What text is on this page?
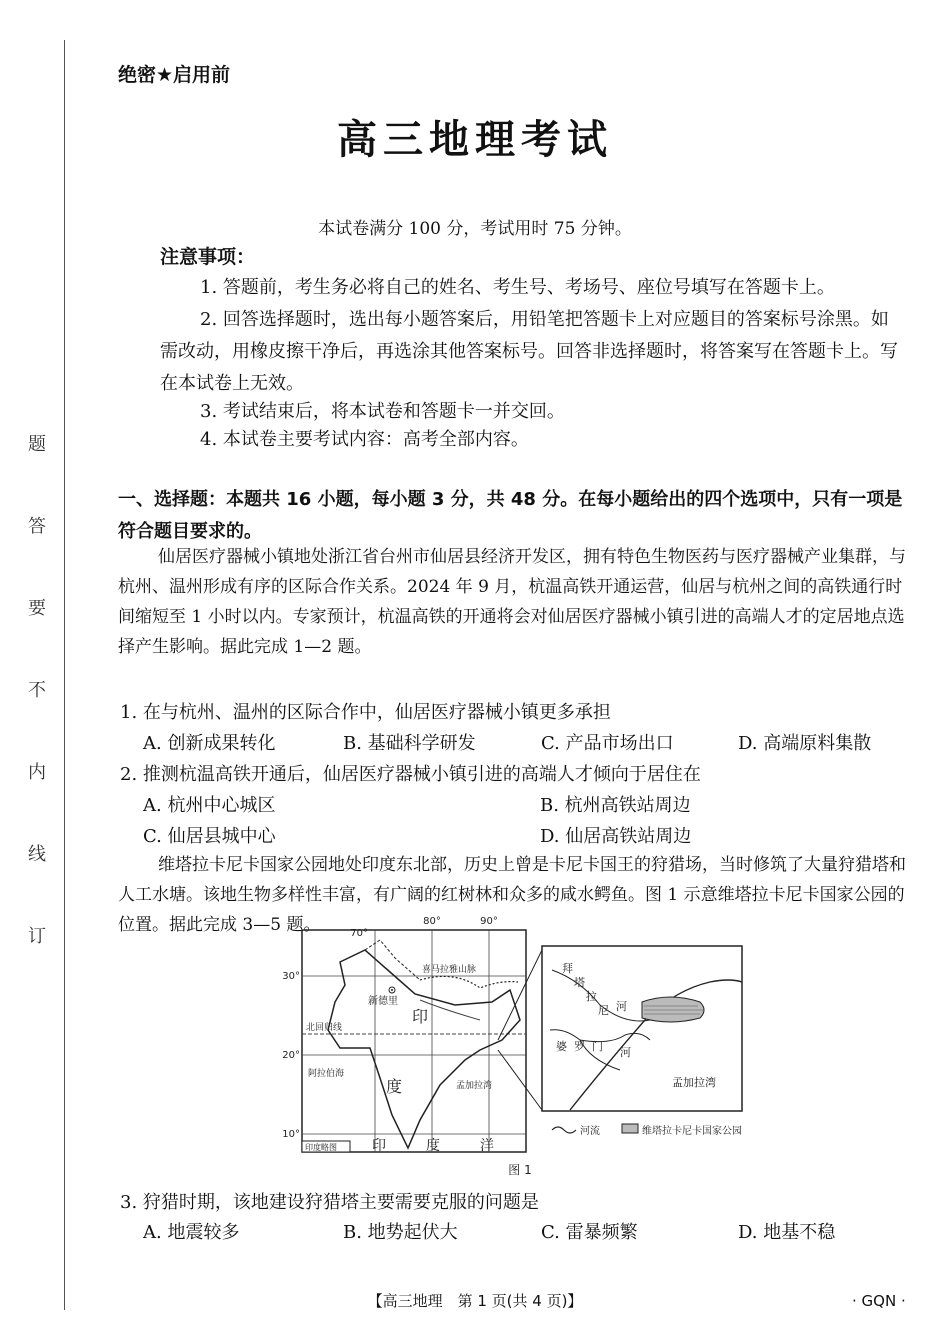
题
答
要
不
内
线
订
绝密★启用前
高三地理考试
本试卷满分 100 分，考试用时 75 分钟。
注意事项：
1. 答题前，考生务必将自己的姓名、考生号、考场号、座位号填写在答题卡上。
2. 回答选择题时，选出每小题答案后，用铅笔把答题卡上对应题目的答案标号涂黑。如需改动，用橡皮擦干净后，再选涂其他答案标号。回答非选择题时，将答案写在答题卡上。写在本试卷上无效。
3. 考试结束后，将本试卷和答题卡一并交回。
4. 本试卷主要考试内容：高考全部内容。
一、选择题：本题共 16 小题，每小题 3 分，共 48 分。在每小题给出的四个选项中，只有一项是符合题目要求的。
仙居医疗器械小镇地处浙江省台州市仙居县经济开发区，拥有特色生物医药与医疗器械产业集群，与杭州、温州形成有序的区际合作关系。2024 年 9 月，杭温高铁开通运营，仙居与杭州之间的高铁通行时间缩短至 1 小时以内。专家预计，杭温高铁的开通将会对仙居医疗器械小镇引进的高端人才的定居地点选择产生影响。据此完成 1—2 题。
1. 在与杭州、温州的区际合作中，仙居医疗器械小镇更多承担
A. 创新成果转化	B. 基础科学研发	C. 产品市场出口	D. 高端原料集散
2. 推测杭温高铁开通后，仙居医疗器械小镇引进的高端人才倾向于居住在
A. 杭州中心城区	B. 杭州高铁站周边
C. 仙居县城中心	D. 仙居高铁站周边
维塔拉卡尼卡国家公园地处印度东北部，历史上曾是卡尼卡国王的狩猎场，当时修筑了大量狩猎塔和人工水塘。该地生物多样性丰富，有广阔的红树林和众多的咸水鳄鱼。图 1 示意维塔拉卡尼卡国家公园的位置。据此完成 3—5 题。	70°
80°	90°
30°
20°
10°
新德里
印
度
北回归线
阿拉伯海
孟加拉湾
印	度	洋
喜马拉雅山脉
印度略图
拜
塔
拉
尼 河
河
婆 罗 门
孟加拉湾
河流	维塔拉卡尼卡国家公园
图 1
3. 狩猎时期，该地建设狩猎塔主要需要克服的问题是
A. 地震较多	B. 地势起伏大	C. 雷暴频繁	D. 地基不稳
【高三地理　第 1 页(共 4 页)】	· GQN ·
